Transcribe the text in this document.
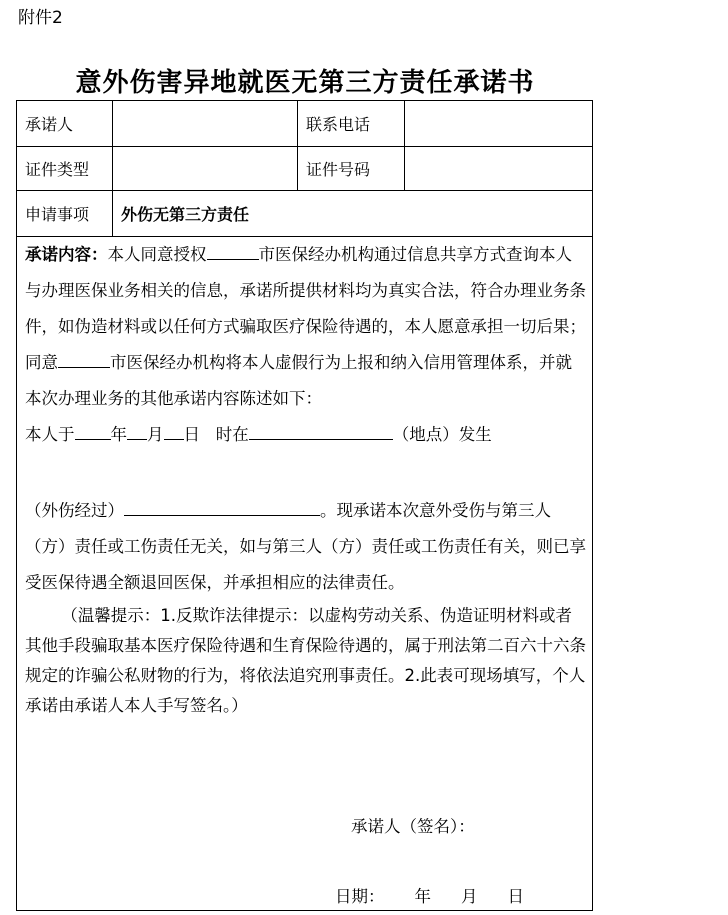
附件2
意外伤害异地就医无第三方责任承诺书
承诺人	联系电话
证件类型	证件号码
申请事项	外伤无第三方责任

承诺内容：本人同意授权	市医保经办机构通过信息共享方式查询本人与办理医保业务相关的信息，承诺所提供材料均为真实合法，符合办理业务条件，如伪造材料或以任何方式骗取医疗保险待遇的，本人愿意承担一切后果；同意	市医保经办机构将本人虚假行为上报和纳入信用管理体系，并就本次办理业务的其他承诺内容陈述如下：

本人于 年 月 日 时在	（地点）发生

（外伤经过）	。现承诺本次意外受伤与第三人（方）责任或工伤责任无关，如与第三人（方）责任或工伤责任有关，则已享受医保待遇全额退回医保，并承担相应的法律责任。

（温馨提示：1.反欺诈法律提示：以虚构劳动关系、伪造证明材料或者其他手段骗取基本医疗保险待遇和生育保险待遇的，属于刑法第二百六十六条规定的诈骗公私财物的行为，将依法追究刑事责任。2.此表可现场填写，个人承诺由承诺人本人手写签名。）

承诺人（签名）：
日期： 年 月 日
